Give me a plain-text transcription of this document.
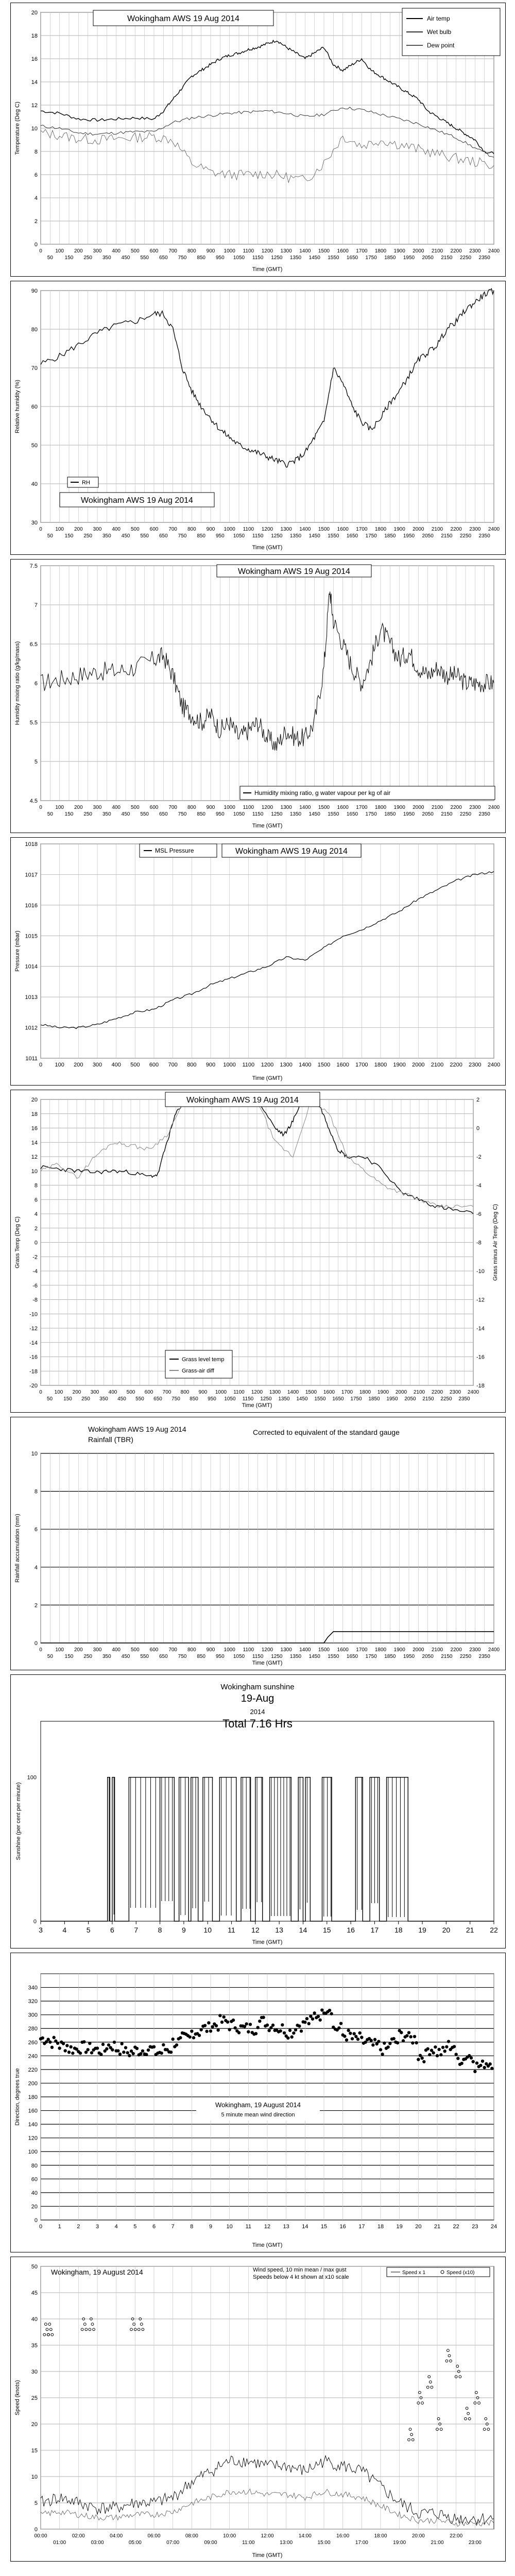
0
2
4
6
8
10
12
14
16
18
20
0
50
100
150
200
250
300
350
400
450
500
550
600
650
700
750
800
850
900
950
1000
1050
1100
1150
1200
1250
1300
1350
1400
1450
1500
1550
1600
1650
1700
1750
1800
1850
1900
1950
2000
2050
2100
2150
2200
2250
2300
2350
2400
Time (GMT)
Temperature (Deg C)
Wokingham AWS 19 Aug 2014	Air temp
Wet bulb
Dew point
30
40
50
60
70
80
90
0
50
100
150
200
250
300
350
400
450
500
550
600
650
700
750
800
850
900
950
1000
1050
1100
1150
1200
1250
1300
1350
1400
1450
1500
1550
1600
1650
1700
1750
1800
1850
1900
1950
2000
2050
2100
2150
2200
2250
2300
2350
2400
Time (GMT)
Relative humidity (%)
Wokingham AWS 19 Aug 2014
RH
4.5
5
5.5
6
6.5
7
7.5
0
50
100
150
200
250
300
350
400
450
500
550
600
650
700
750
800
850
900
950
1000
1050
1100
1150
1200
1250
1300
1350
1400
1450
1500
1550
1600
1650
1700
1750
1800
1850
1900
1950
2000
2050
2100
2150
2200
2250
2300
2350
2400
Time (GMT)
Humidity mixing ratio (g/kg/mass)
Wokingham AWS 19 Aug 2014
Humidity mixing ratio, g water vapour per kg of air
1011
1012
1013
1014
1015
1016
1017
1018
0 100 200 300 400 500 600 700 800 900 1000 1100 1200 1300 1400 1500 1600 1700 1800 1900 2000 2100 2200 2300 2400
Time (GMT)
Pressure (mbar)
Wokingham AWS 19 Aug 2014
MSL Pressure
-20
-18
-16
-14
-12
-10
-8
-6
-4
-2
0
2
4
6
8
10
12
14
16
18
20
0
50
100
150
200
250
300
350
400
450
500
550
600
650
700
750
800
850
900
950
1000
1050
1100
1150
1200
1250
1300
1350
1400
1450
1500
1550
1600
1650
1700
1750
1800
1850
1900
1950
2000
2050
2100
2150
2200
2250
2300
2350
2400
Time (GMT)
Grass Temp (Deg C)
-18
-16
-14
-12
-10
-8
-6
-4
-2
0
2
Grass minus Air Temp (Deg C)
Wokingham AWS 19 Aug 2014
Grass level temp
Grass-air diff
0
2
4
6
8
10
0
50
100
150
200
250
300
350
400
450
500
550
600
650
700
750
800
850
900
950
1000
1050
1100
1150
1200
1250
1300
1350
1400
1450
1500
1550
1600
1650
1700
1750
1800
1850
1900
1950
2000
2050
2100
2150
2200
2250
2300
2350
2400
Time (GMT)
Rainfall accumulation (mm)
Wokingham AWS 19 Aug 2014
Rainfall (TBR)
Corrected to equivalent of the standard gauge
100
0
3	4	5	6	7	8	9 10 11 12 13 14 15 16 17 18 19 20 21 22
Time (GMT)
Sunshine (per cent per minute)
Wokingham sunshine
19-Aug
2014
Total 7.16 Hrs
0
20
40
60
80
100
120
140
160
180
200
220
240
260
280
300
320
340
0	1	2	3	4	5	6	7	8	9 10 11 12 13 14 15 16 17 18 19 20 21 22 23 24
Time (GMT)
Direction, degrees true	Wokingham, 19 August 2014
5 minute mean wind direction
0
5
10
15
20
25
30
35
40
45
50
00:00
01:00
02:00
03:00
04:00
05:00
06:00
07:00
08:00
09:00
10:00
11:00
12:00
13:00
14:00
15:00
16:00
17:00
18:00
19:00
20:00
21:00
22:00
23:00
Time (GMT)
Speed (knots)
Wokingham, 19 August 2014	Wind speed, 10 min mean / max gust
Speeds below 4 kt shown at x10 scale
Speed x 1	Speed (x10)
